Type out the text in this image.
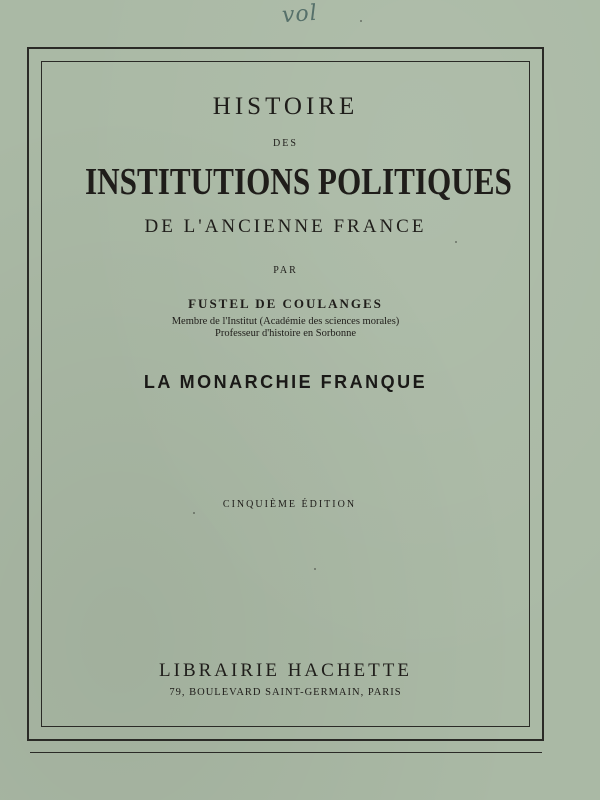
vol
HISTOIRE
DES
INSTITUTIONS POLITIQUES
DE L'ANCIENNE FRANCE
PAR
FUSTEL DE COULANGES
Membre de l'Institut (Académie des sciences morales)
Professeur d'histoire en Sorbonne
LA MONARCHIE FRANQUE
CINQUIÈME ÉDITION
LIBRAIRIE HACHETTE
79, BOULEVARD SAINT-GERMAIN, PARIS
